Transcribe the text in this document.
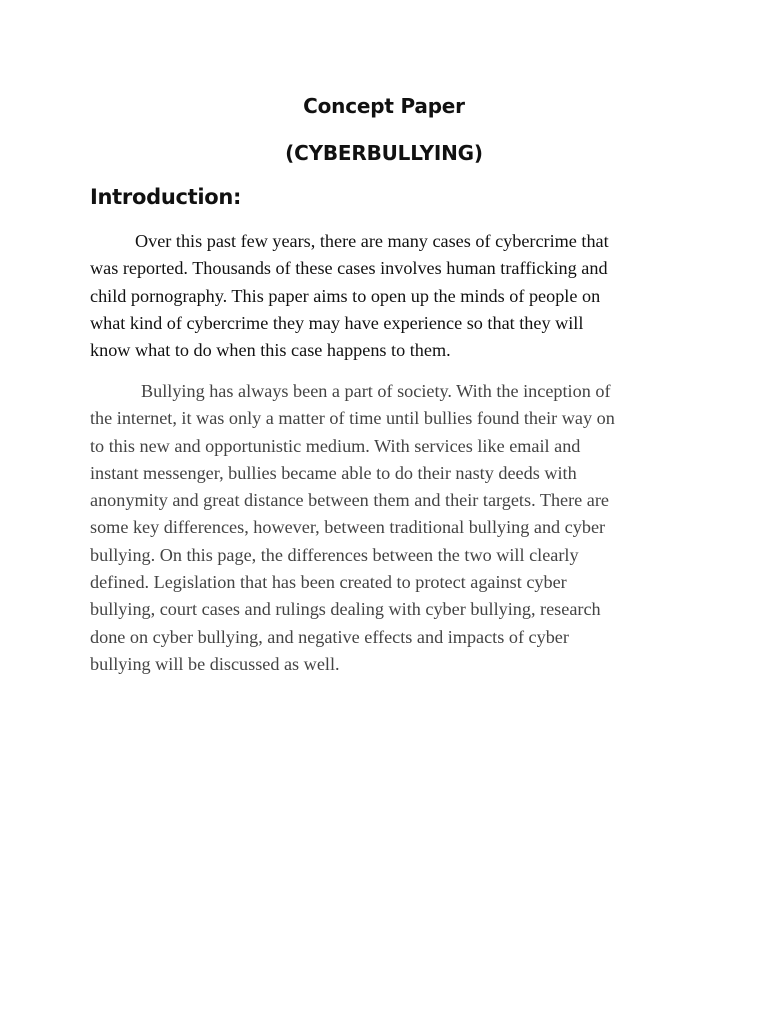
Concept Paper
(CYBERBULLYING)
Introduction:
Over this past few years, there are many cases of cybercrime that
was reported. Thousands of these cases involves human trafficking and
child pornography. This paper aims to open up the minds of people on
what kind of cybercrime they may have experience so that they will
know what to do when this case happens to them.
Bullying has always been a part of society. With the inception of
the internet, it was only a matter of time until bullies found their way on
to this new and opportunistic medium. With services like email and
instant messenger, bullies became able to do their nasty deeds with
anonymity and great distance between them and their targets. There are
some key differences, however, between traditional bullying and cyber
bullying. On this page, the differences between the two will clearly
defined. Legislation that has been created to protect against cyber
bullying, court cases and rulings dealing with cyber bullying, research
done on cyber bullying, and negative effects and impacts of cyber
bullying will be discussed as well.
